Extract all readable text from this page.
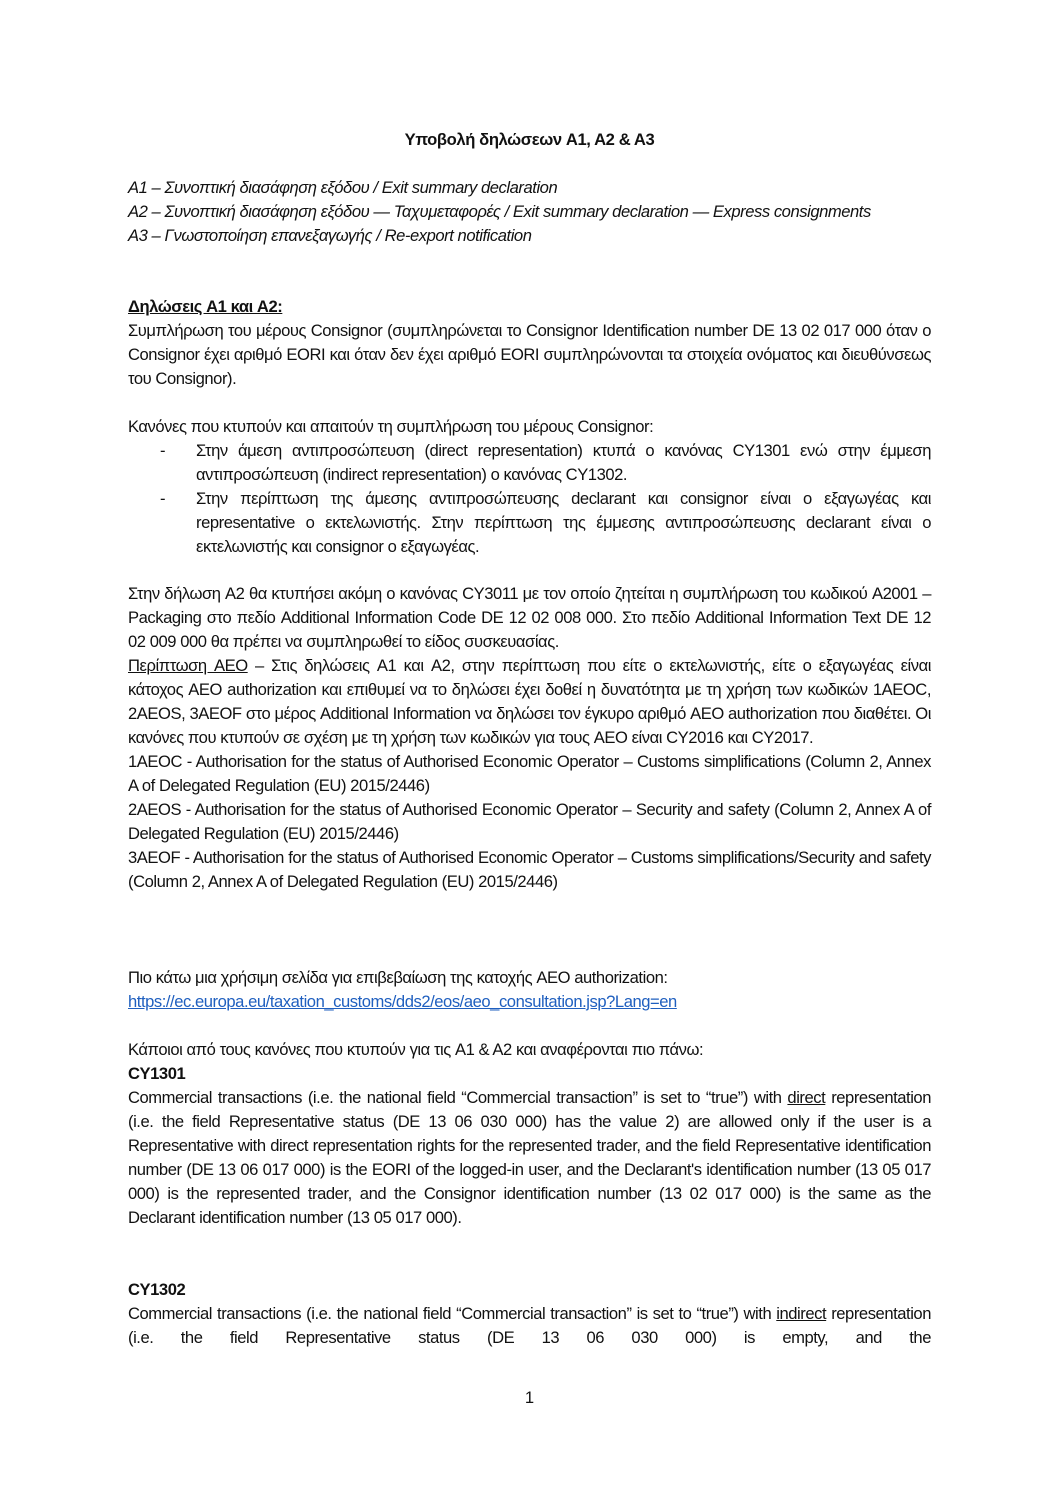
Υποβολή δηλώσεων A1, A2 & A3

A1 – Συνοπτική διασάφηση εξόδου / Exit summary declaration

A2 – Συνοπτική διασάφηση εξόδου — Ταχυμεταφορές / Exit summary declaration — Express consignments

A3 – Γνωστοποίηση επανεξαγωγής / Re-export notification

Δηλώσεις A1 και A2:

Συμπλήρωση του μέρους Consignor (συμπληρώνεται το Consignor Identification number DE 13 02 017 000 όταν ο Consignor έχει αριθμό EORI και όταν δεν έχει αριθμό EORI συμπληρώνονται τα στοιχεία ονόματος και διευθύνσεως του Consignor).

Κανόνες που κτυπούν και απαιτούν τη συμπλήρωση του μέρους Consignor:

- Στην άμεση αντιπροσώπευση (direct representation) κτυπά ο κανόνας CY1301 ενώ στην έμμεση αντιπροσώπευση (indirect representation) ο κανόνας CY1302.
- Στην περίπτωση της άμεσης αντιπροσώπευσης declarant και consignor είναι ο εξαγωγέας και representative ο εκτελωνιστής. Στην περίπτωση της έμμεσης αντιπροσώπευσης declarant είναι ο εκτελωνιστής και consignor ο εξαγωγέας.

Στην δήλωση A2 θα κτυπήσει ακόμη ο κανόνας CY3011 με τον οποίο ζητείται η συμπλήρωση του κωδικού A2001 – Packaging στο πεδίο Additional Information Code DE 12 02 008 000. Στο πεδίο Additional Information Text DE 12 02 009 000 θα πρέπει να συμπληρωθεί το είδος συσκευασίας.

Περίπτωση AEO – Στις δηλώσεις A1 και A2, στην περίπτωση που είτε ο εκτελωνιστής, είτε ο εξαγωγέας είναι κάτοχος AEO authorization και επιθυμεί να το δηλώσει έχει δοθεί η δυνατότητα με τη χρήση των κωδικών 1AEOC, 2AEOS, 3AEOF στο μέρος Additional Information να δηλώσει τον έγκυρο αριθμό AEO authorization που διαθέτει. Οι κανόνες που κτυπούν σε σχέση με τη χρήση των κωδικών για τους AEO είναι CY2016 και CY2017.

1AEOC - Authorisation for the status of Authorised Economic Operator – Customs simplifications (Column 2, Annex A of Delegated Regulation (EU) 2015/2446)

2AEOS - Authorisation for the status of Authorised Economic Operator – Security and safety (Column 2, Annex A of Delegated Regulation (EU) 2015/2446)

3AEOF - Authorisation for the status of Authorised Economic Operator – Customs simplifications/Security and safety (Column 2, Annex A of Delegated Regulation (EU) 2015/2446)

Πιο κάτω μια χρήσιμη σελίδα για επιβεβαίωση της κατοχής AEO authorization:

https://ec.europa.eu/taxation_customs/dds2/eos/aeo_consultation.jsp?Lang=en

Κάποιοι από τους κανόνες που κτυπούν για τις A1 & A2 και αναφέρονται πιο πάνω:

CY1301

Commercial transactions (i.e. the national field “Commercial transaction” is set to “true”) with direct representation (i.e. the field Representative status (DE 13 06 030 000) has the value 2) are allowed only if the user is a Representative with direct representation rights for the represented trader, and the field Representative identification number (DE 13 06 017 000) is the EORI of the logged-in user, and the Declarant's identification number (13 05 017 000) is the represented trader, and the Consignor identification number (13 02 017 000) is the same as the Declarant identification number (13 05 017 000).

CY1302

Commercial transactions (i.e. the national field “Commercial transaction” is set to “true”) with indirect representation (i.e. the field Representative status (DE 13 06 030 000) is empty, and the

1
